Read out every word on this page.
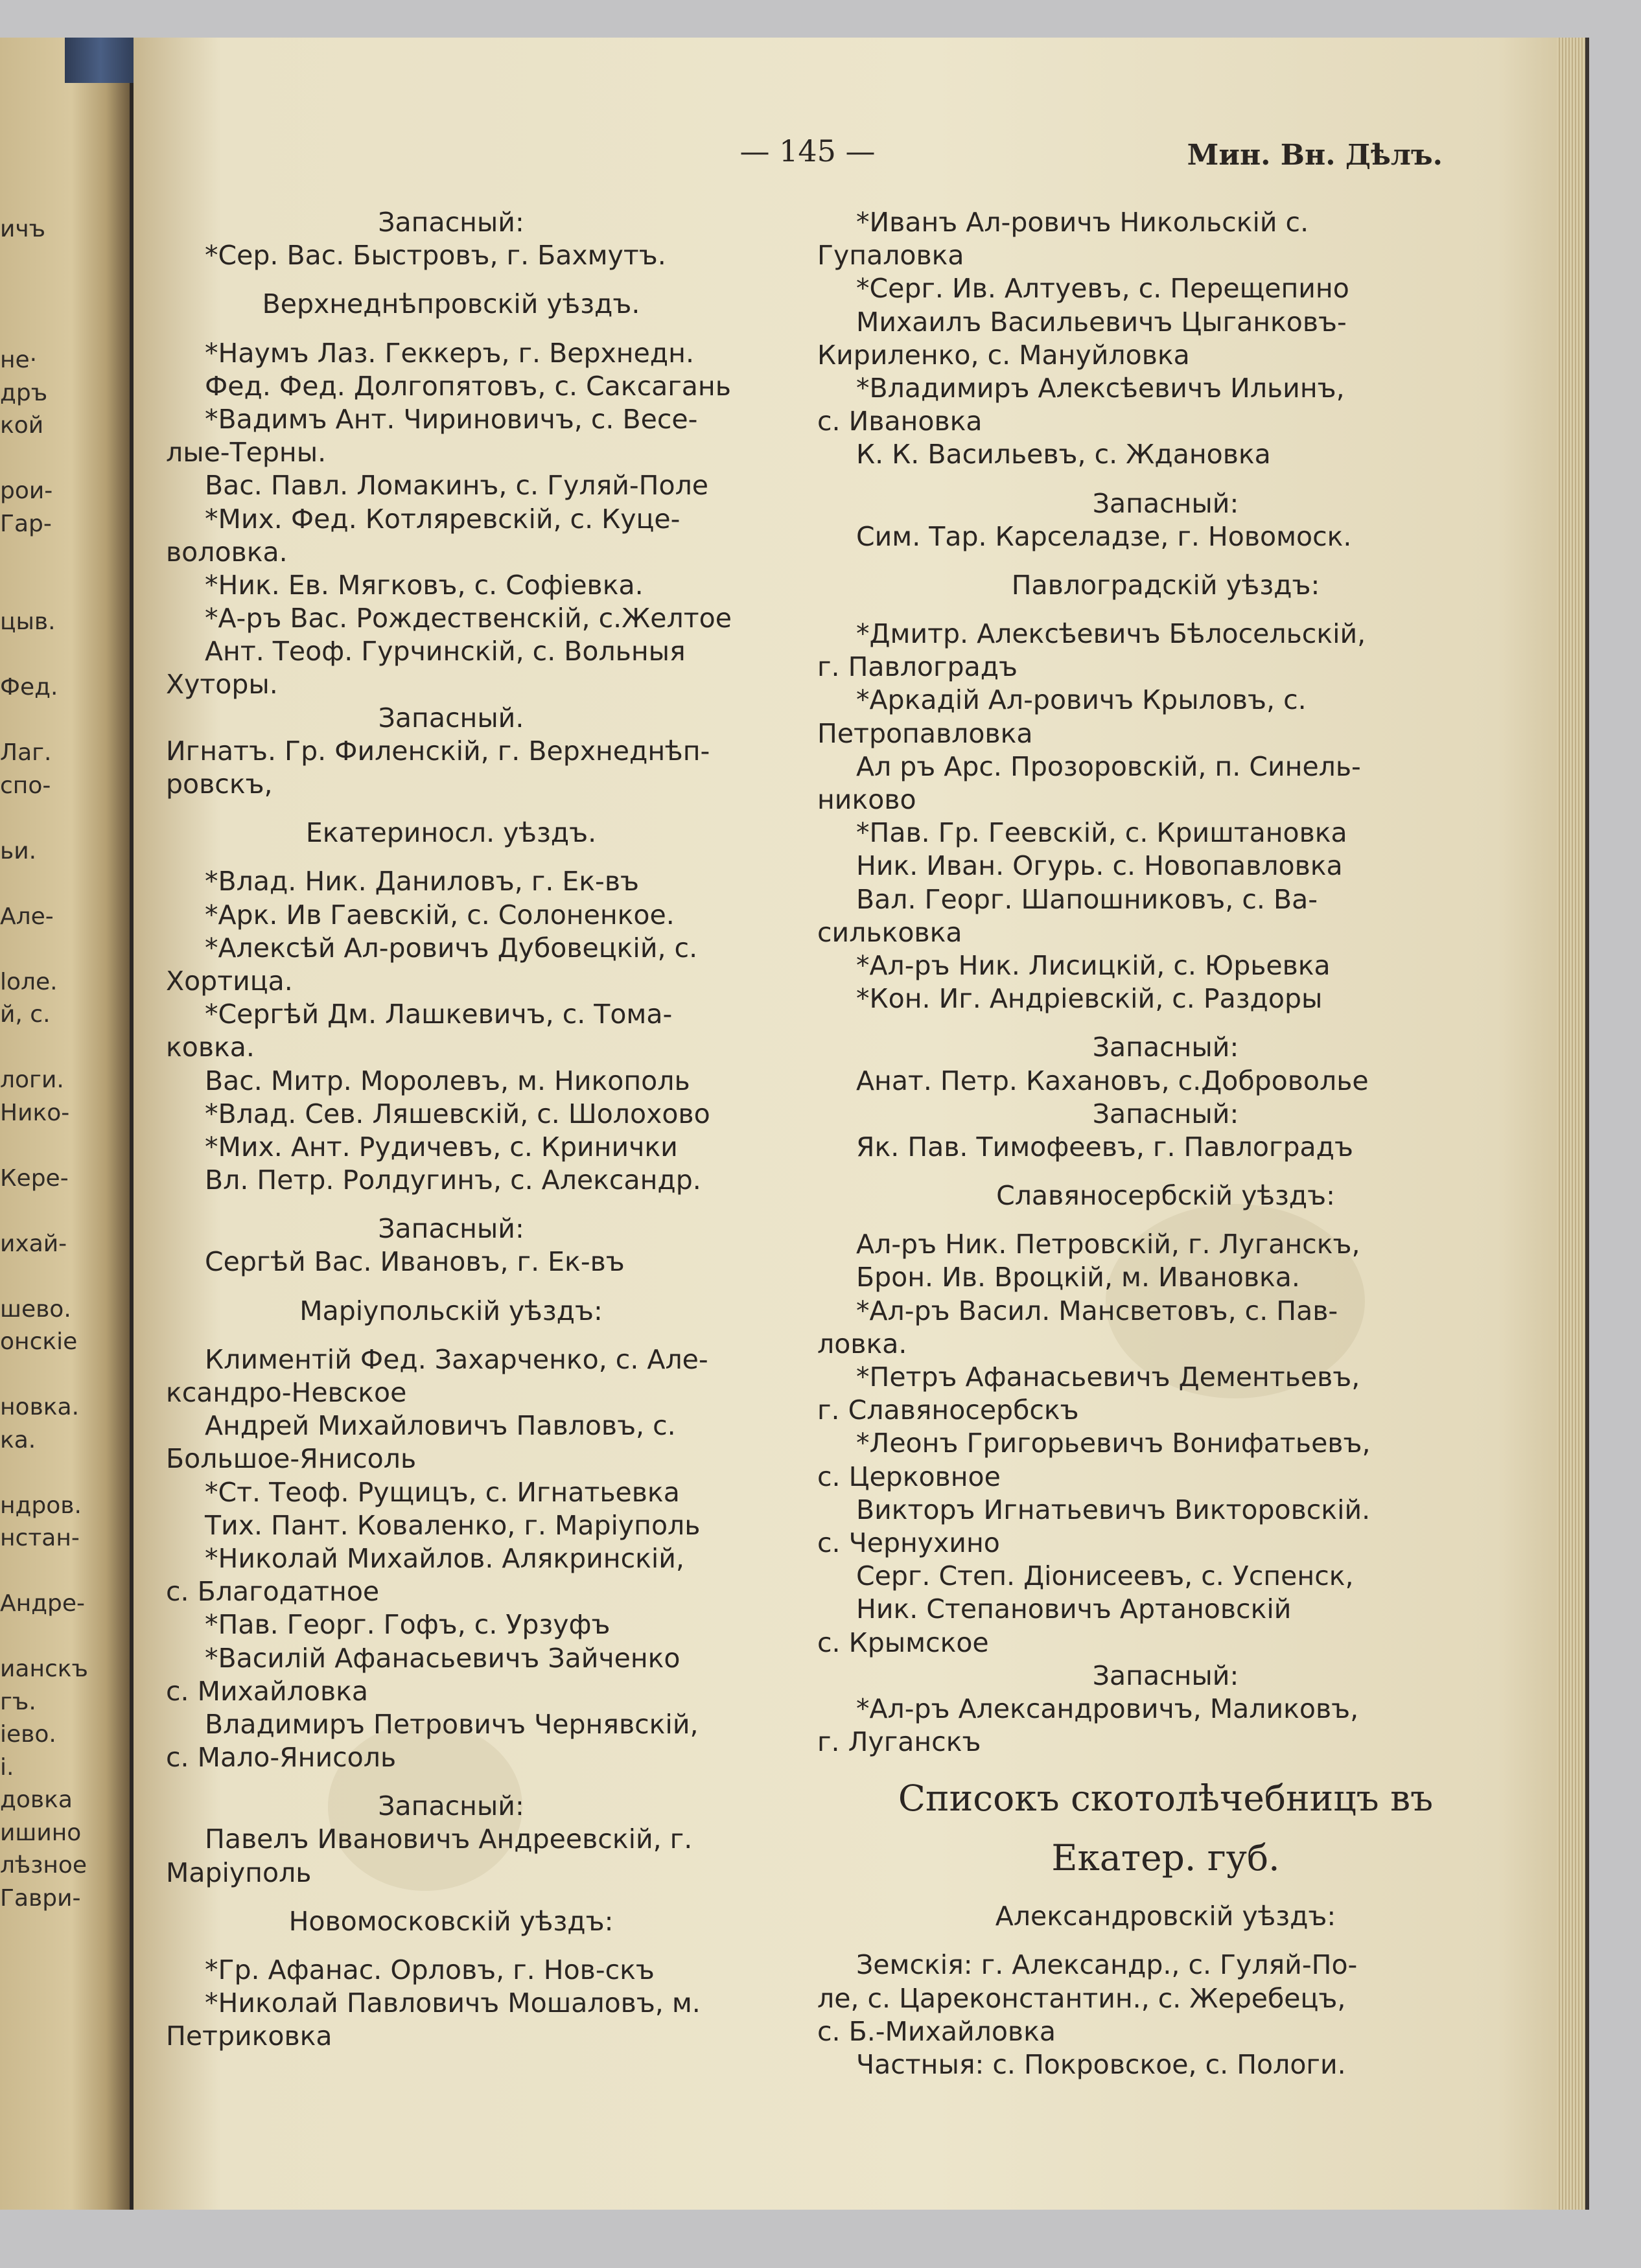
ичъ
не·
дръ
кой
рои-
Гар-
цыв.
Фед.
Лаг.
спо-
ьи.
Але-
lоле.
й, с.
логи.
Нико-
Кере-
ихай-
шево.
онскiе
новка.
ка.
ндров.
нстан-
Андре-
ианскъ
гъ.
iево.
i.
довка
ишино
лѣзное
Гаври-
— 145 —	Мин. Вн. Дѣлъ.
Запасный:
*Сер. Вас. Быстровъ, г. Бахмутъ.
Верхнеднѣпровскiй уѣздъ.
*Наумъ Лаз. Геккеръ, г. Верхнедн.
Фед. Фед. Долгопятовъ, с. Саксагань
*Вадимъ Ант. Чириновичъ, с. Весе-
лые-Терны.
Вас. Павл. Ломакинъ, с. Гуляй-Поле
*Мих. Фед. Котляревскiй, с. Куце-
воловка.
*Ник. Ев. Мягковъ, с. Софiевка.
*А-ръ Вас. Рождественскiй, с.Желтое
Ант. Теоф. Гурчинскiй, с. Вольныя
Хуторы.
Запасный.
Игнатъ. Гр. Филенскiй, г. Верхнеднѣп-
ровскъ,
Екатериносл. уѣздъ.
*Влад. Ник. Даниловъ, г. Ек-въ
*Арк. Ив Гаевскiй, с. Солоненкое.
*Алексѣй Ал-ровичъ Дубовецкiй, с.
Хортица.
*Сергѣй Дм. Лашкевичъ, с. Тома-
ковка.
Вас. Митр. Моролевъ, м. Никополь
*Влад. Сев. Ляшевскiй, с. Шолохово
*Мих. Ант. Рудичевъ, с. Кринички
Вл. Петр. Ролдугинъ, с. Александр.
Запасный:
Сергѣй Вас. Ивановъ, г. Ек-въ
Марiупольскiй уѣздъ:
Климентiй Фед. Захарченко, с. Але-
ксандро-Невское
Андрей Михайловичъ Павловъ, с.
Большое-Янисоль
*Ст. Теоф. Рущицъ, с. Игнатьевка
Тих. Пант. Коваленко, г. Марiуполь
*Николай Михайлов. Алякринскiй,
с. Благодатное
*Пав. Георг. Гофъ, с. Урзуфъ
*Василiй Афанасьевичъ Зайченко
с. Михайловка
Владимиръ Петровичъ Чернявскiй,
с. Мало-Янисоль
Запасный:
Павелъ Ивановичъ Андреевскiй, г.
Марiуполь
Новомосковскiй уѣздъ:
*Гр. Афанас. Орловъ, г. Нов-скъ
*Николай Павловичъ Мошаловъ, м.
Петриковка
*Иванъ Ал-ровичъ Никольскiй с.
Гупаловка
*Серг. Ив. Алтуевъ, с. Перещепино
Михаилъ Васильевичъ Цыганковъ-
Кириленко, с. Мануйловка
*Владимиръ Алексѣевичъ Ильинъ,
с. Ивановка
К. К. Васильевъ, с. Ждановка
Запасный:
Сим. Тар. Карселадзе, г. Новомоск.
Павлоградскiй уѣздъ:
*Дмитр. Алексѣевичъ Бѣлосельскiй,
г. Павлоградъ
*Аркадiй Ал-ровичъ Крыловъ, с.
Петропавловка
Ал ръ Арс. Прозоровскiй, п. Синель-
никово
*Пав. Гр. Геевскiй, с. Криштановка
Ник. Иван. Огурь. с. Новопавловка
Вал. Георг. Шапошниковъ, с. Ва-
сильковка
*Ал-ръ Ник. Лисицкiй, с. Юрьевка
*Кон. Иг. Андрiевскiй, с. Раздоры
Запасный:
Анат. Петр. Кахановъ, с.Доброволье
Запасный:
Як. Пав. Тимофеевъ, г. Павлоградъ
Славяносербскiй уѣздъ:
Ал-ръ Ник. Петровскiй, г. Луганскъ,
Брон. Ив. Вроцкiй, м. Ивановка.
*Ал-ръ Васил. Мансветовъ, с. Пав-
ловка.
*Петръ Афанасьевичъ Дементьевъ,
г. Славяносербскъ
*Леонъ Григорьевичъ Вонифатьевъ,
с. Церковное
Викторъ Игнатьевичъ Викторовскiй.
с. Чернухино
Серг. Степ. Дiонисеевъ, с. Успенск,
Ник. Степановичъ Артановскiй
с. Крымское
Запасный:
*Ал-ръ Александровичъ, Маликовъ,
г. Луганскъ
Списокъ скотолѣчебницъ въ
Екатер. губ.
Александровскiй уѣздъ:
Земскiя: г. Александр., с. Гуляй-По-
ле, с. Цареконстантин., с. Жеребецъ,
с. Б.-Михайловка
Частныя: с. Покровское, с. Пологи.
